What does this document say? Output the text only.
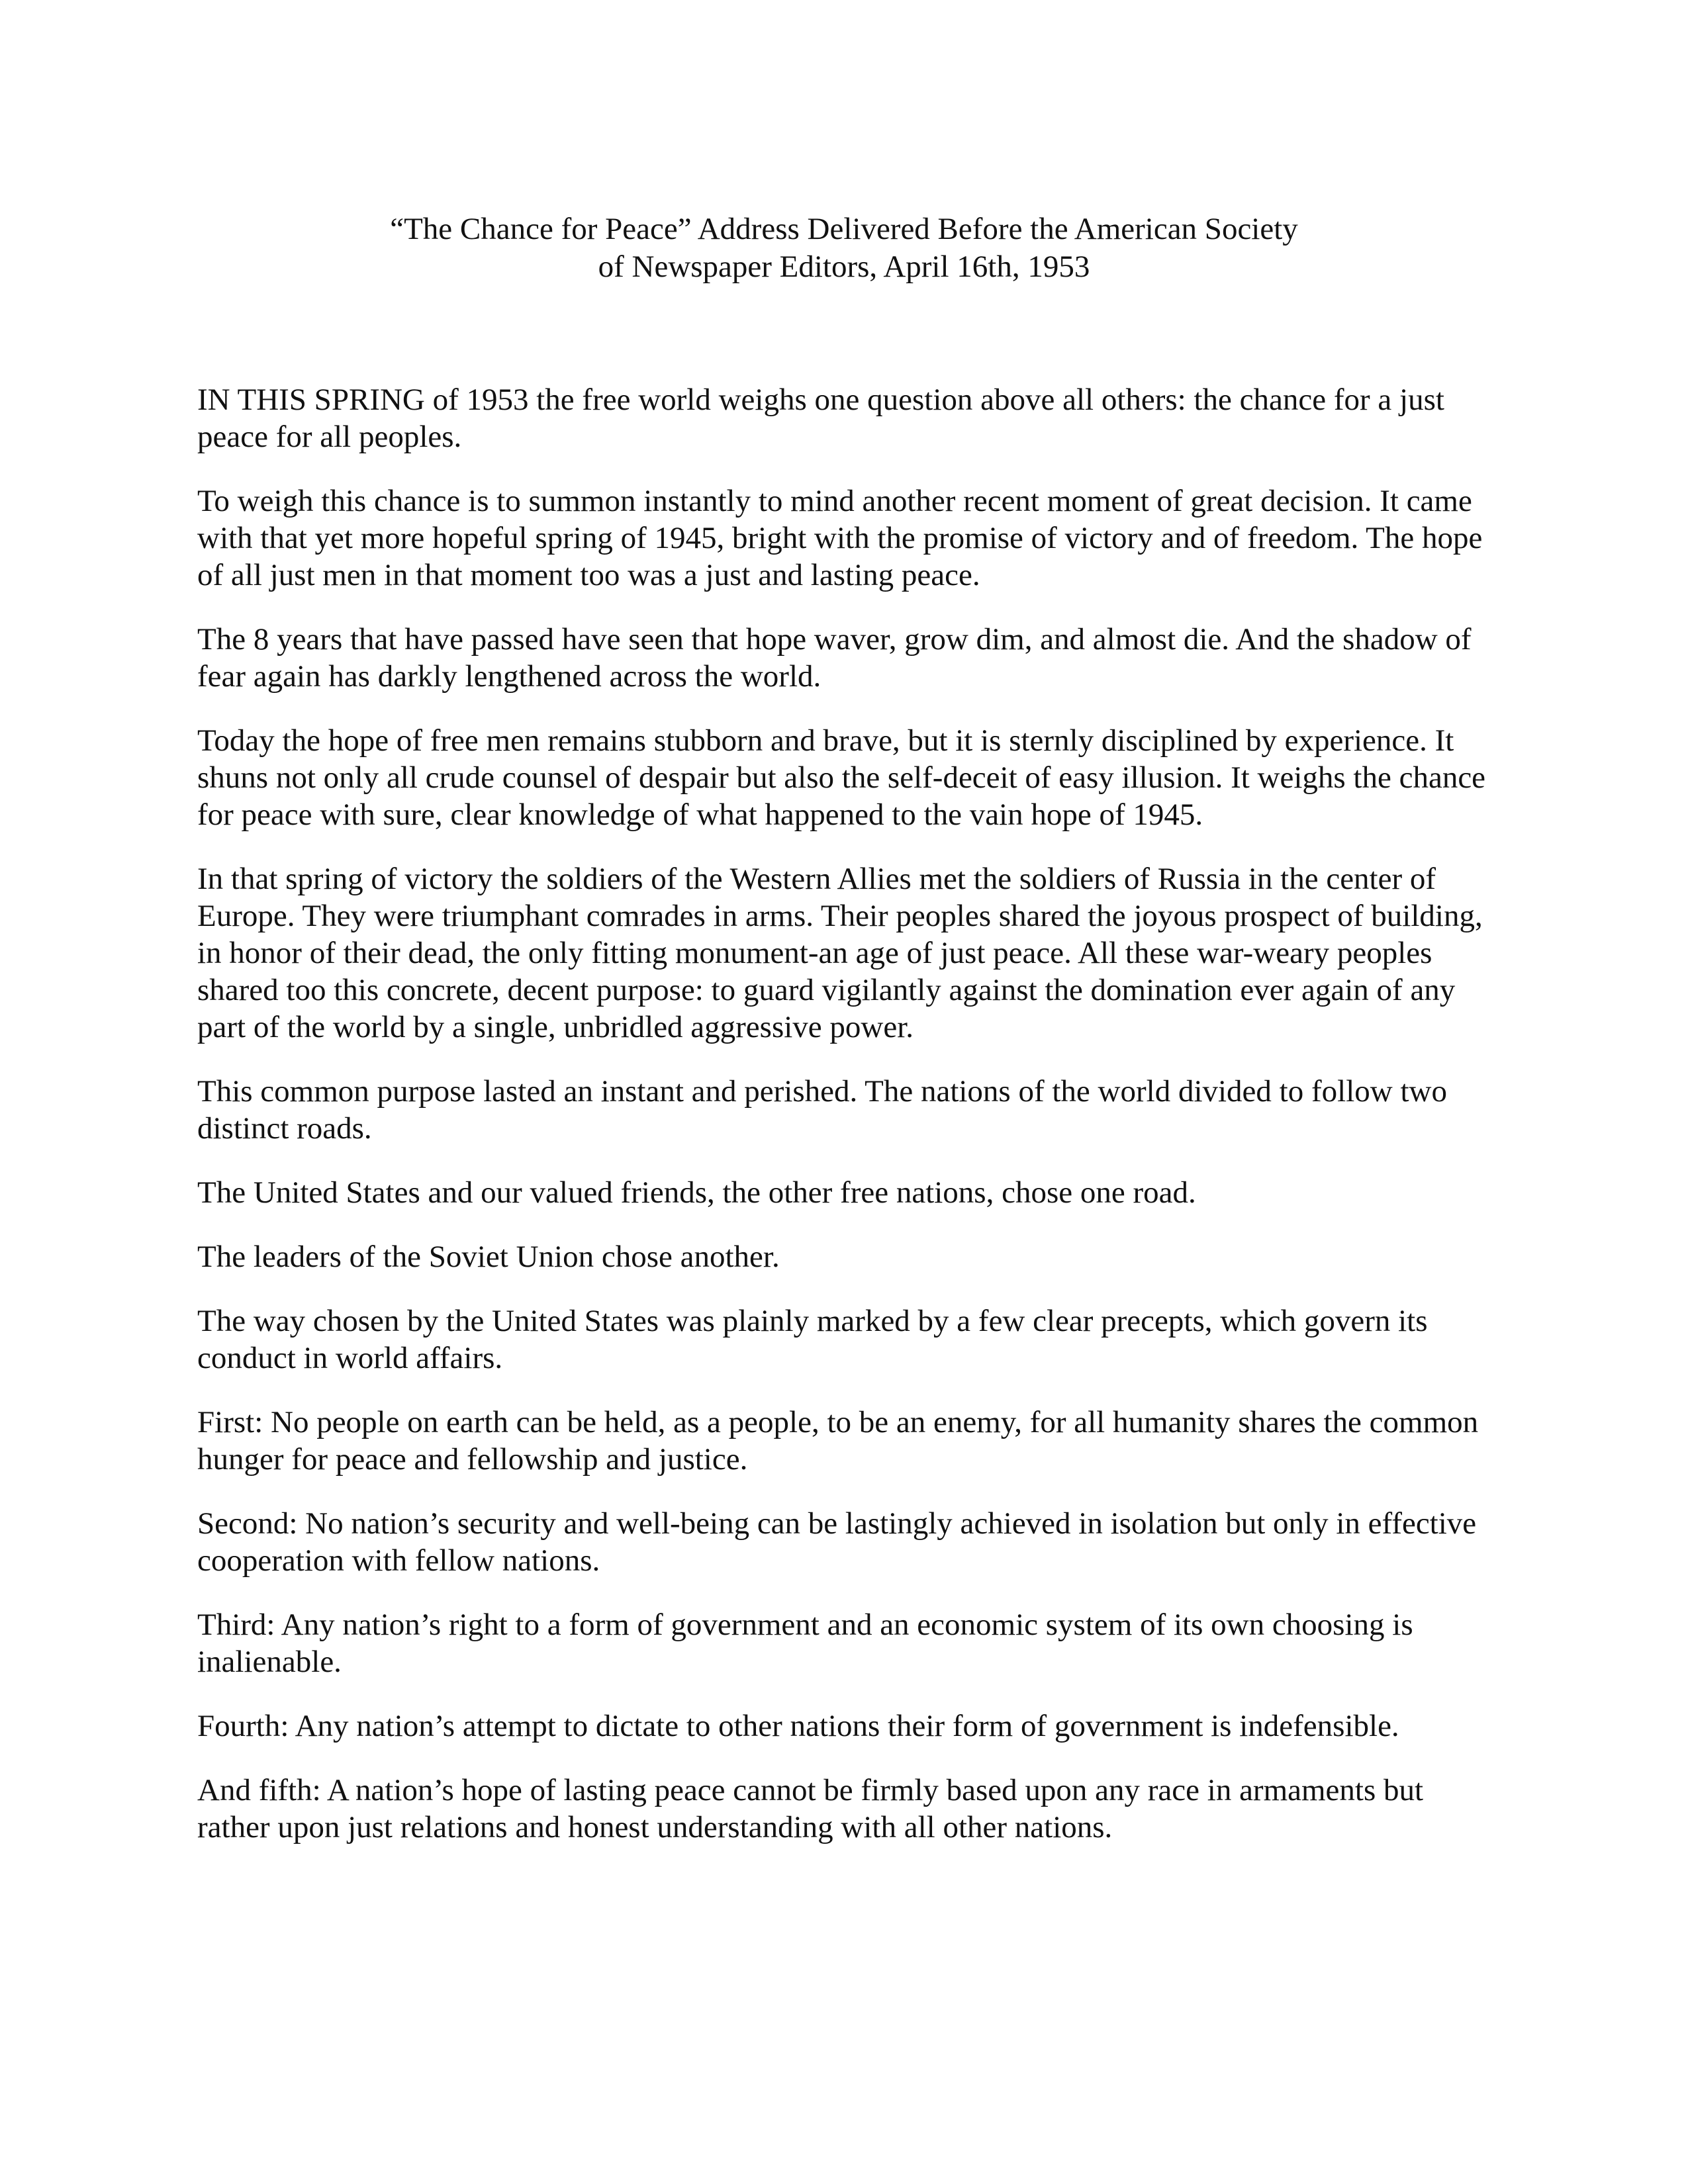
“The Chance for Peace” Address Delivered Before the American Society
of Newspaper Editors, April 16th, 1953

IN THIS SPRING of 1953 the free world weighs one question above all others: the chance for a just peace for all peoples.

To weigh this chance is to summon instantly to mind another recent moment of great decision. It came with that yet more hopeful spring of 1945, bright with the promise of victory and of freedom. The hope of all just men in that moment too was a just and lasting peace.

The 8 years that have passed have seen that hope waver, grow dim, and almost die. And the shadow of fear again has darkly lengthened across the world.

Today the hope of free men remains stubborn and brave, but it is sternly disciplined by experience. It shuns not only all crude counsel of despair but also the self-deceit of easy illusion. It weighs the chance for peace with sure, clear knowledge of what happened to the vain hope of 1945.

In that spring of victory the soldiers of the Western Allies met the soldiers of Russia in the center of Europe. They were triumphant comrades in arms. Their peoples shared the joyous prospect of building, in honor of their dead, the only fitting monument-an age of just peace. All these war-weary peoples shared too this concrete, decent purpose: to guard vigilantly against the domination ever again of any part of the world by a single, unbridled aggressive power.

This common purpose lasted an instant and perished. The nations of the world divided to follow two distinct roads.

The United States and our valued friends, the other free nations, chose one road.

The leaders of the Soviet Union chose another.

The way chosen by the United States was plainly marked by a few clear precepts, which govern its conduct in world affairs.

First: No people on earth can be held, as a people, to be an enemy, for all humanity shares the common hunger for peace and fellowship and justice.

Second: No nation’s security and well-being can be lastingly achieved in isolation but only in effective cooperation with fellow nations.

Third: Any nation’s right to a form of government and an economic system of its own choosing is inalienable.

Fourth: Any nation’s attempt to dictate to other nations their form of government is indefensible.

And fifth: A nation’s hope of lasting peace cannot be firmly based upon any race in armaments but rather upon just relations and honest understanding with all other nations.
